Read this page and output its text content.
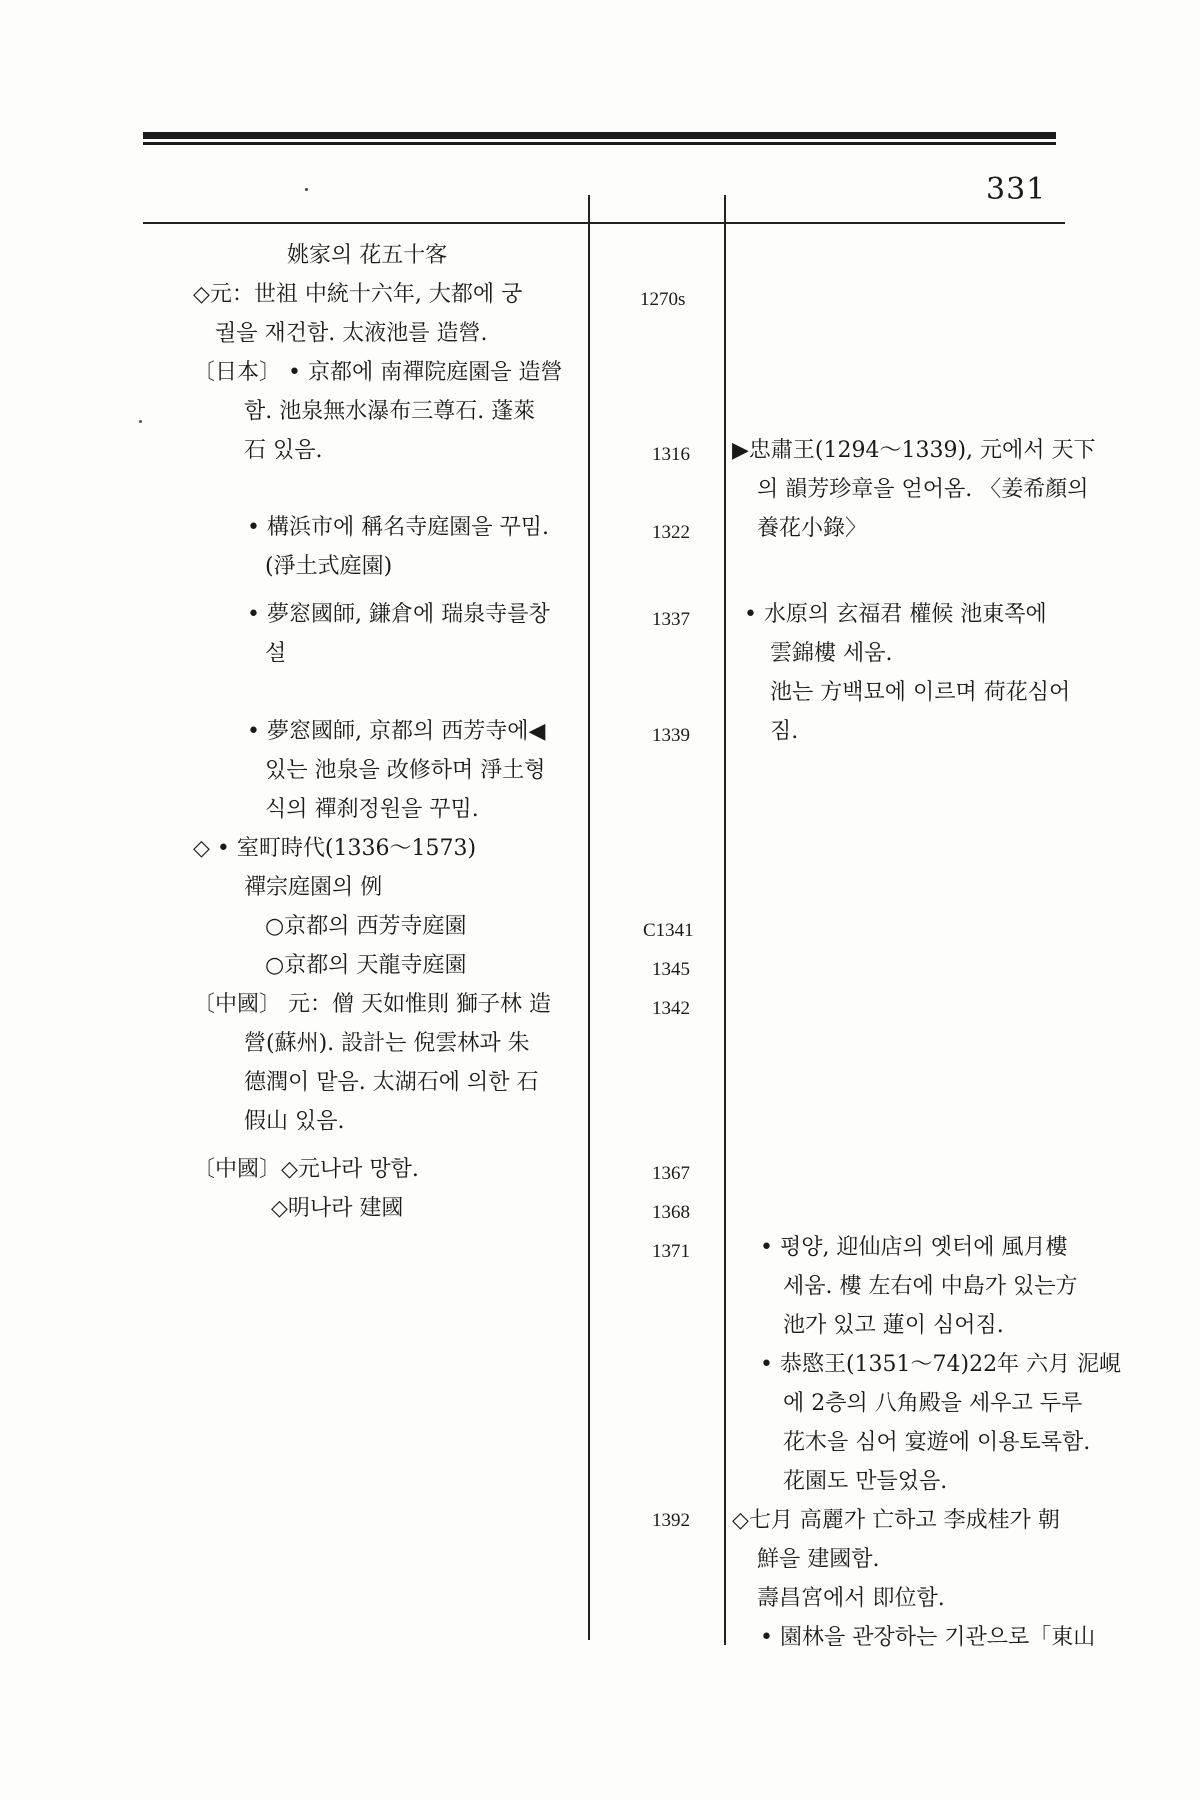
331
姚家의 花五十客
◇元：世祖 中統十六年, 大都에 궁
궐을 재건함. 太液池를 造營.
〔日本〕 • 京都에 南禪院庭園을 造營
함. 池泉無水瀑布三尊石. 蓬萊
石 있음.
• 構浜市에 稱名寺庭園을 꾸밈.
(淨土式庭園)
• 夢窓國師, 鎌倉에 瑞泉寺를창
설
• 夢窓國師, 京都의 西芳寺에◀
있는 池泉을 改修하며 淨土형
식의 禪刹정원을 꾸밈.
◇ • 室町時代(1336～1573)
禪宗庭園의 例
○京都의 西芳寺庭園
○京都의 天龍寺庭園
〔中國〕 元：僧 天如惟則 獅子林 造
營(蘇州). 設計는 倪雲林과 朱
德潤이 맡음. 太湖石에 의한 石
假山 있음.
〔中國〕◇元나라 망함.
◇明나라 建國
1270s
1316
1322
1337
1339
C1341
1345
1342
1367
1368
1371
1392
▶忠肅王(1294～1339), 元에서 天下
의 韻芳珍章을 얻어옴. 〈姜希顏의
養花小錄〉
• 水原의 玄福君 權候 池東쪽에
雲錦樓 세움.
池는 方백묘에 이르며 荷花심어
짐.
• 평양, 迎仙店의 옛터에 風月樓
세움. 樓 左右에 中島가 있는方
池가 있고 蓮이 심어짐.
• 恭愍王(1351～74)22年 六月 泥峴
에 2층의 八角殿을 세우고 두루
花木을 심어 宴遊에 이용토록함.
花園도 만들었음.
◇七月 高麗가 亡하고 李成桂가 朝
鮮을 建國함.
壽昌宮에서 即位함.
• 園林을 관장하는 기관으로「東山
